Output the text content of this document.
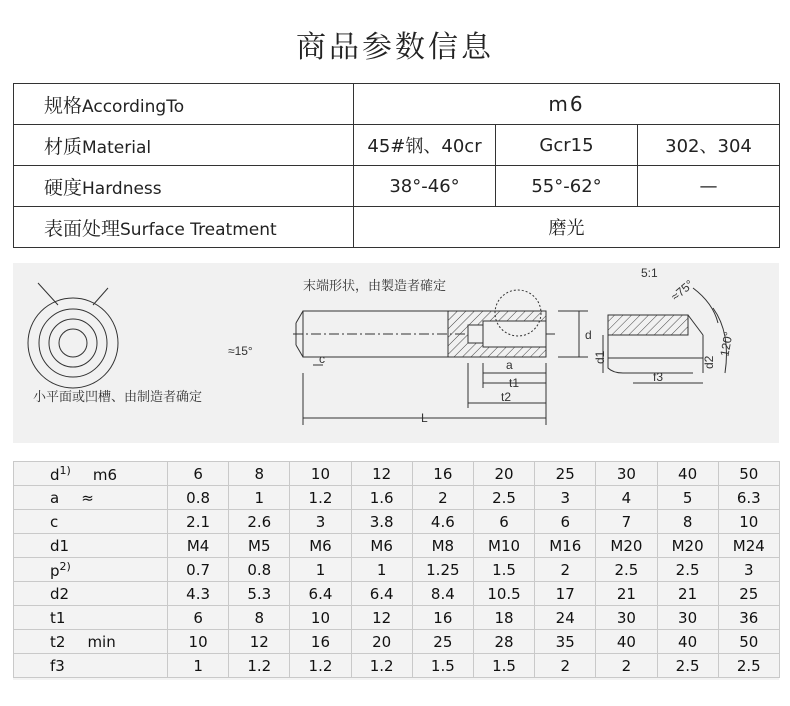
商品参数信息
规格AccordingTo	m6		
材质Material	45#钢、40cr	Gcr15	302、304
硬度Hardness	38°-46°	55°-62°	—
表面处理Surface Treatment	磨光		
末端形状，由製造者確定
小平面或凹槽、由制造者确定
5:1
≈15°
≈75°
120°
d
c	a
t1
t2
L
d1	d2
f3
$d^{1)}$ m6	6	8	10	12	16	20	25	30	40	50
a ≈	0.8	1	1.2	1.6	2	2.5	3	4	5	6.3
c	2.1	2.6	3	3.8	4.6	6	6	7	8	10
d1	M4	M5	M6	M6	M8	M10	M16	M20	M20	M24
$p^{2)}$	0.7	0.8	1	1	1.25	1.5	2	2.5	2.5	3
d2	4.3	5.3	6.4	6.4	8.4	10.5	17	21	21	25
t1	6	8	10	12	16	18	24	30	30	36
t2 min	10	12	16	20	25	28	35	40	40	50
f3	1	1.2	1.2	1.2	1.5	1.5	2	2	2.5	2.5
